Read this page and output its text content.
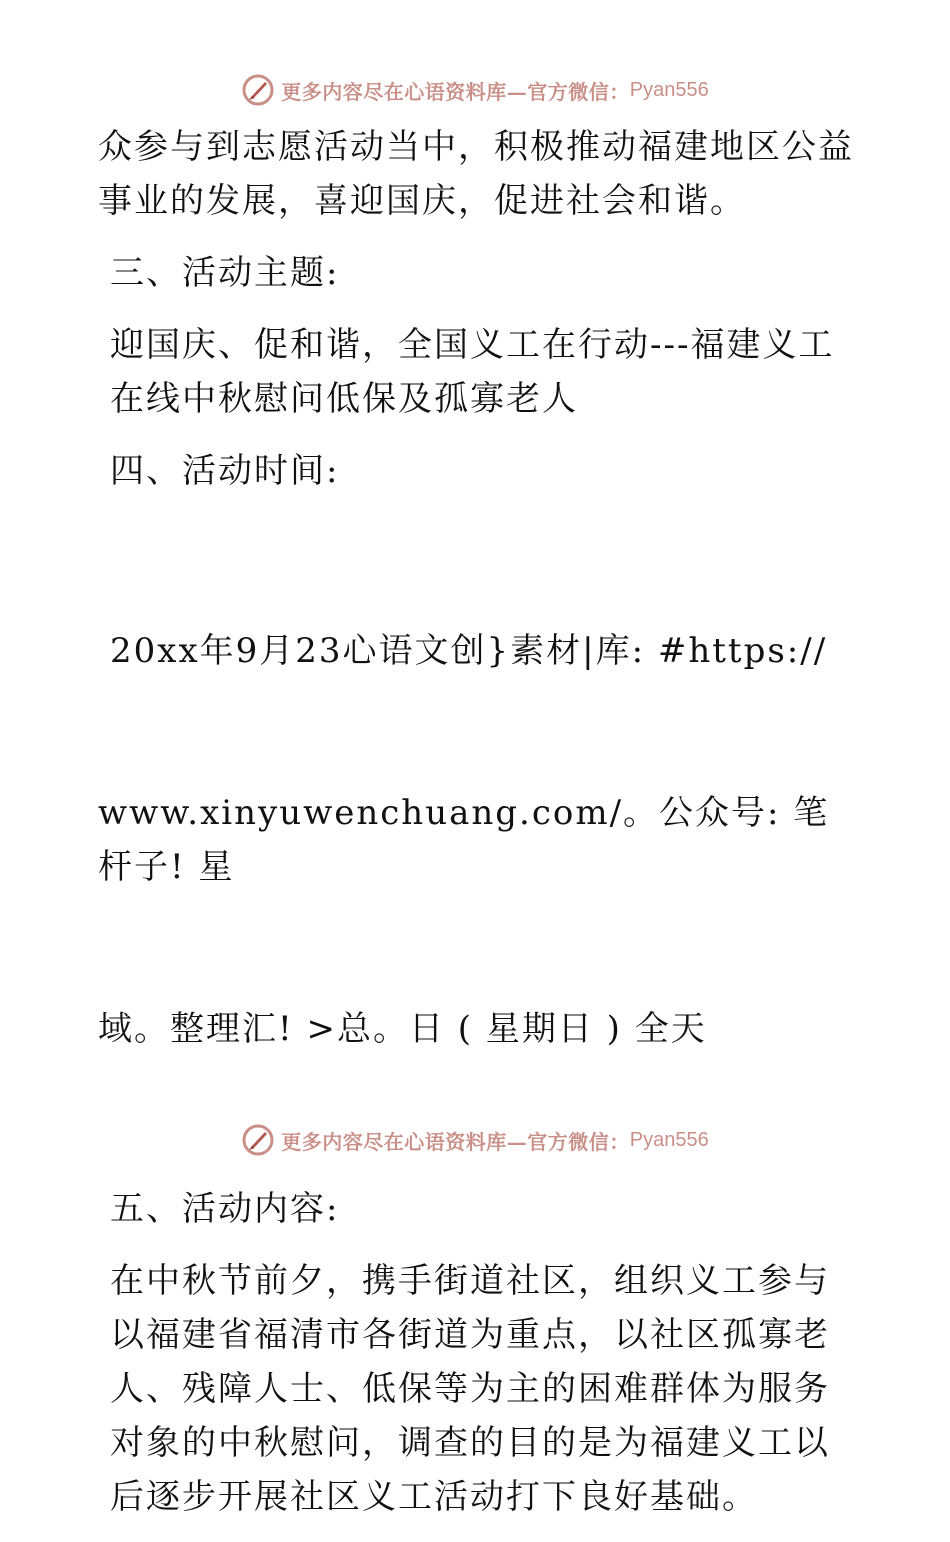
更多内容尽在心语资料库—官方微信： Pyan556

众参与到志愿活动当中，积极推动福建地区公益事业的发展，喜迎国庆，促进社会和谐。

三、活动主题:

迎国庆、促和谐，全国义工在行动---福建义工在线中秋慰问低保及孤寡老人

四、活动时间:

20xx年9月23心语文创}素材|库: #https://

www.xinyuwenchuang.com/。公众号: 笔杆子! 星

域。整理汇! >总。日 ( 星期日 ) 全天

五、活动内容:

在中秋节前夕，携手街道社区，组织义工参与以福建省福清市各街道为重点，以社区孤寡老人、残障人士、低保等为主的困难群体为服务对象的中秋慰问，调查的目的是为福建义工以后逐步开展社区义工活动打下良好基础。

更多内容尽在心语资料库—官方微信： Pyan556
